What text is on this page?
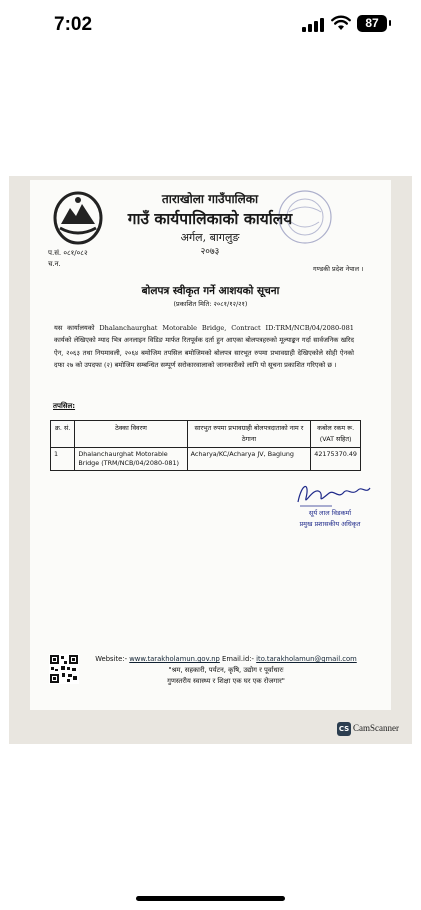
7:02	87
ताराखोला गाउँपालिका
गाउँ कार्यपालिकाको कार्यालय
अर्गल, बागलुङ
२०७३
प.सं. ०८१/०८२
च.न.
गण्डकी प्रदेश नेपाल ।
बोलपत्र स्वीकृत गर्ने आशयको सूचना
(प्रकाशित मिति: २०८१/१२/२१)
यस कार्यालयको Dhalanchaurghat Motorable Bridge, Contract ID:TRM/NCB/04/2080-081 कार्यको लेखिएको म्याद भित्र अनलाइन विडिङ मार्फत रितपूर्वक दर्ता हुन आएका बोलपत्रहरुको मूल्याङ्कन गर्दा सार्वजनिक खरिद ऐन, २०६३ तथा नियमावली, २०६४ बमोजिम तपसिल बमोजिमको बोलपत्र सारभूत रुपमा प्रभावग्राही देखिएकोले सोही ऐनको दफा २७ को उपदफा (२) बमोजिम सम्बन्धित सम्पूर्ण सरोकारवालाको जानकारीको लागि यो सूचना प्रकाशित गरिएको छ ।
तपसिल:
क्र. सं.	ठेक्का विवरण	सारभुत रुपमा प्रभावग्राही बोलपत्रदाताको नाम र ठेगाना	कबोल रकम रू. (VAT सहित)
1	Dhalanchaurghat Motorable Bridge (TRM/NCB/04/2080-081)	Acharya/KC/Acharya JV, Baglung	42175370.49
सूर्य लाल विडकर्मा
प्रमुख प्रशासकीय अधिकृत
Website:- www.tarakholamun.gov.np Email.id:- ito.tarakholamun@gmail.com
"श्रम, सहकारी, पर्यटन, कृषि, उद्योग र पूर्वाधारः
गुणस्तरीय स्वास्थ्य र शिक्षा एक घर एक रोजगार"
CS CamScanner
